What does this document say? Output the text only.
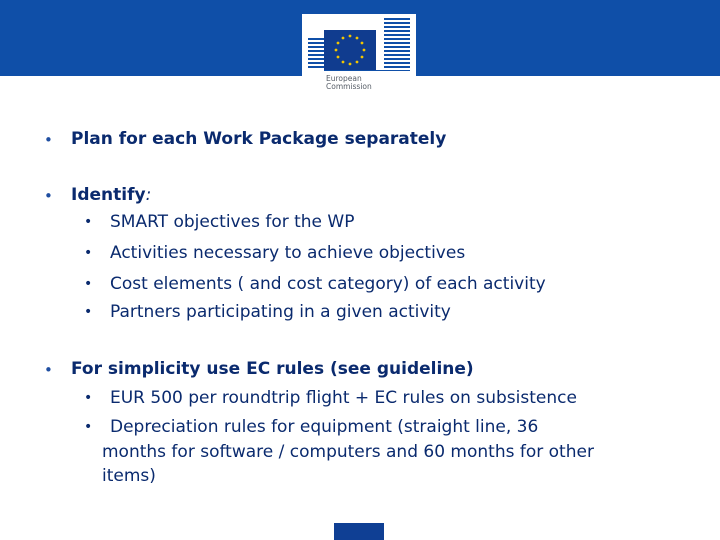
European
Commission
• Plan for each Work Package separately
• Identify:
• SMART objectives for the WP
• Activities necessary to achieve objectives
• Cost elements ( and cost category) of each activity
• Partners participating in a given activity
• For simplicity use EC rules (see guideline)
• EUR 500 per roundtrip flight + EC rules on subsistence
• Depreciation rules for equipment (straight line, 36
months for software / computers and 60 months for other
items)
